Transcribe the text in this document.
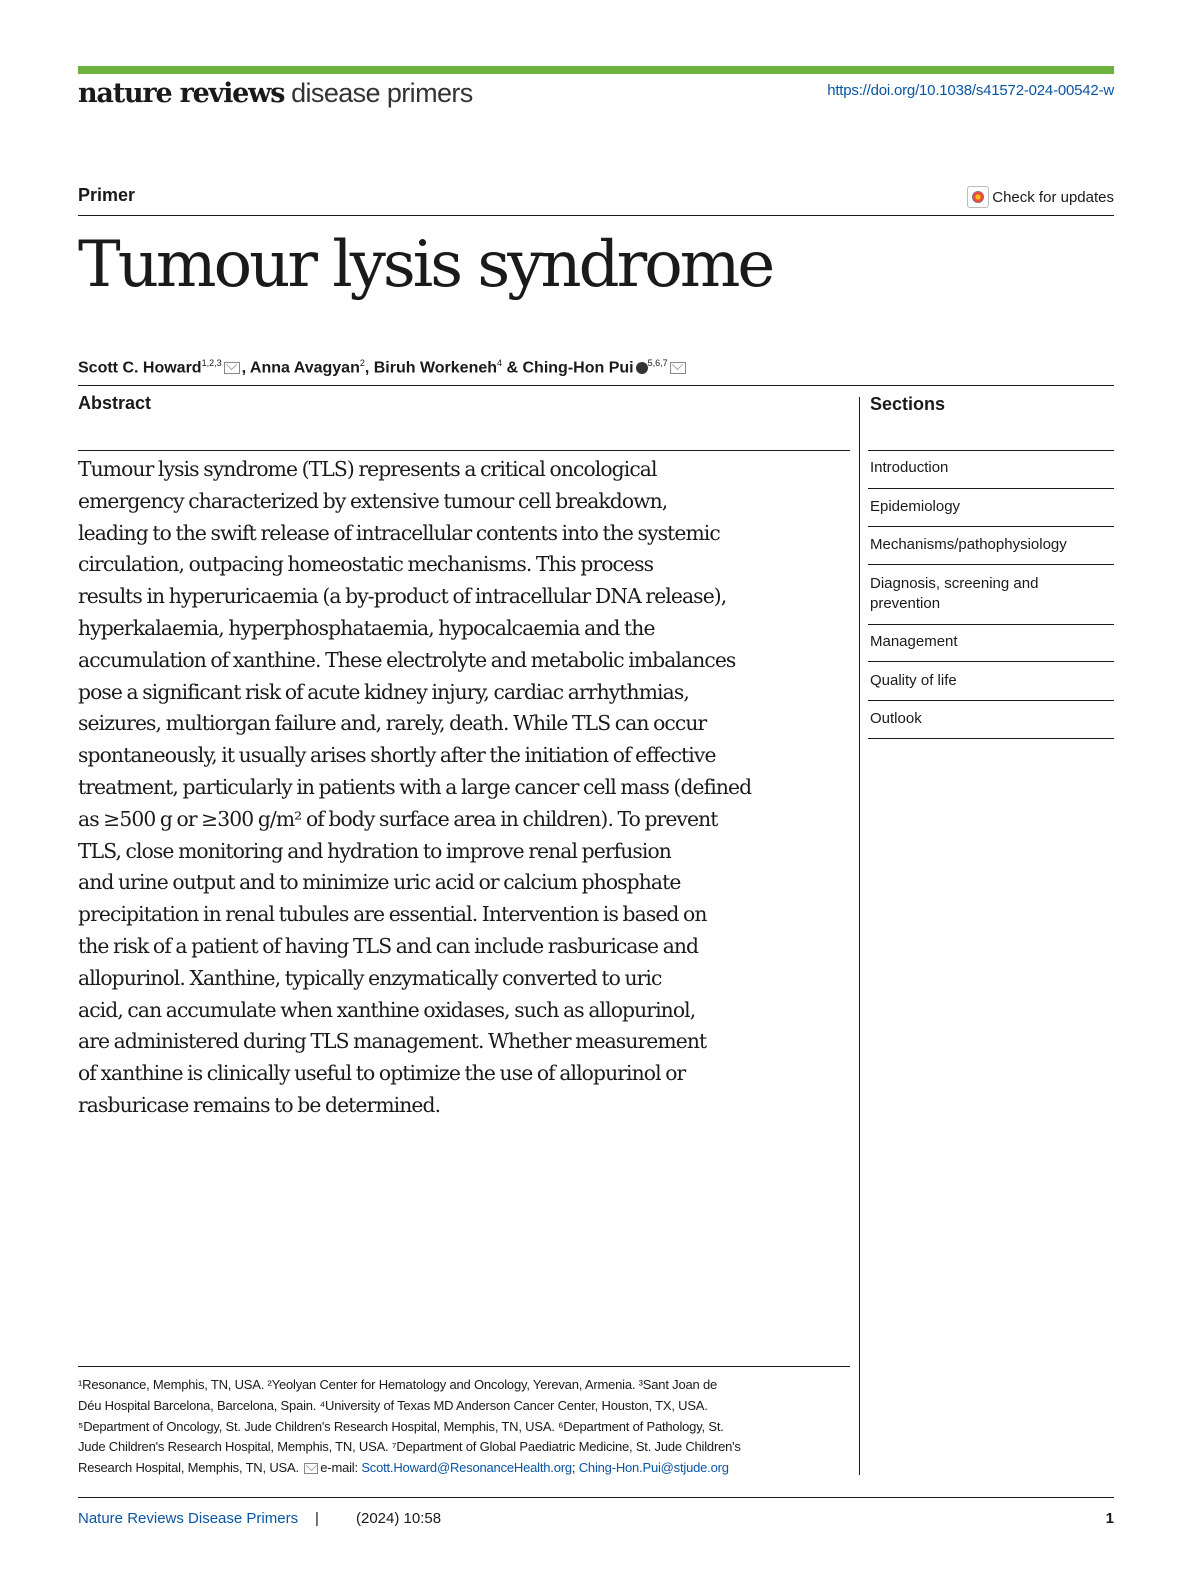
nature reviews disease primers	https://doi.org/10.1038/s41572-024-00542-w
Primer	Check for updates
Tumour lysis syndrome
Scott C. Howard$^{1,2,3}$ , Anna Avagyan$^2$, Biruh Workeneh$^4$ & Ching-Hon Pui $^{5,6,7}$
Abstract

Tumour lysis syndrome (TLS) represents a critical oncological

emergency characterized by extensive tumour cell breakdown,

leading to the swift release of intracellular contents into the systemic

circulation, outpacing homeostatic mechanisms. This process

results in hyperuricaemia (a by-product of intracellular DNA release),

hyperkalaemia, hyperphosphataemia, hypocalcaemia and the

accumulation of xanthine. These electrolyte and metabolic imbalances

pose a significant risk of acute kidney injury, cardiac arrhythmias,

seizures, multiorgan failure and, rarely, death. While TLS can occur

spontaneously, it usually arises shortly after the initiation of effective

treatment, particularly in patients with a large cancer cell mass (defined

as ≥500 g or ≥300 g/m² of body surface area in children). To prevent

TLS, close monitoring and hydration to improve renal perfusion

and urine output and to minimize uric acid or calcium phosphate

precipitation in renal tubules are essential. Intervention is based on

the risk of a patient of having TLS and can include rasburicase and

allopurinol. Xanthine, typically enzymatically converted to uric

acid, can accumulate when xanthine oxidases, such as allopurinol,

are administered during TLS management. Whether measurement

of xanthine is clinically useful to optimize the use of allopurinol or

rasburicase remains to be determined.

Sections
Introduction
Epidemiology
Mechanisms/pathophysiology
Diagnosis, screening and prevention
Management
Quality of life
Outlook

¹Resonance, Memphis, TN, USA. ²Yeolyan Center for Hematology and Oncology, Yerevan, Armenia. ³Sant Joan de

Déu Hospital Barcelona, Barcelona, Spain. ⁴University of Texas MD Anderson Cancer Center, Houston, TX, USA.

⁵Department of Oncology, St. Jude Children's Research Hospital, Memphis, TN, USA. ⁶Department of Pathology, St.

Jude Children's Research Hospital, Memphis, TN, USA. ⁷Department of Global Paediatric Medicine, St. Jude Children's

Research Hospital, Memphis, TN, USA. e-mail: Scott.Howard@ResonanceHealth.org; Ching-Hon.Pui@stjude.org

Nature Reviews Disease Primers | (2024) 10:58	1
